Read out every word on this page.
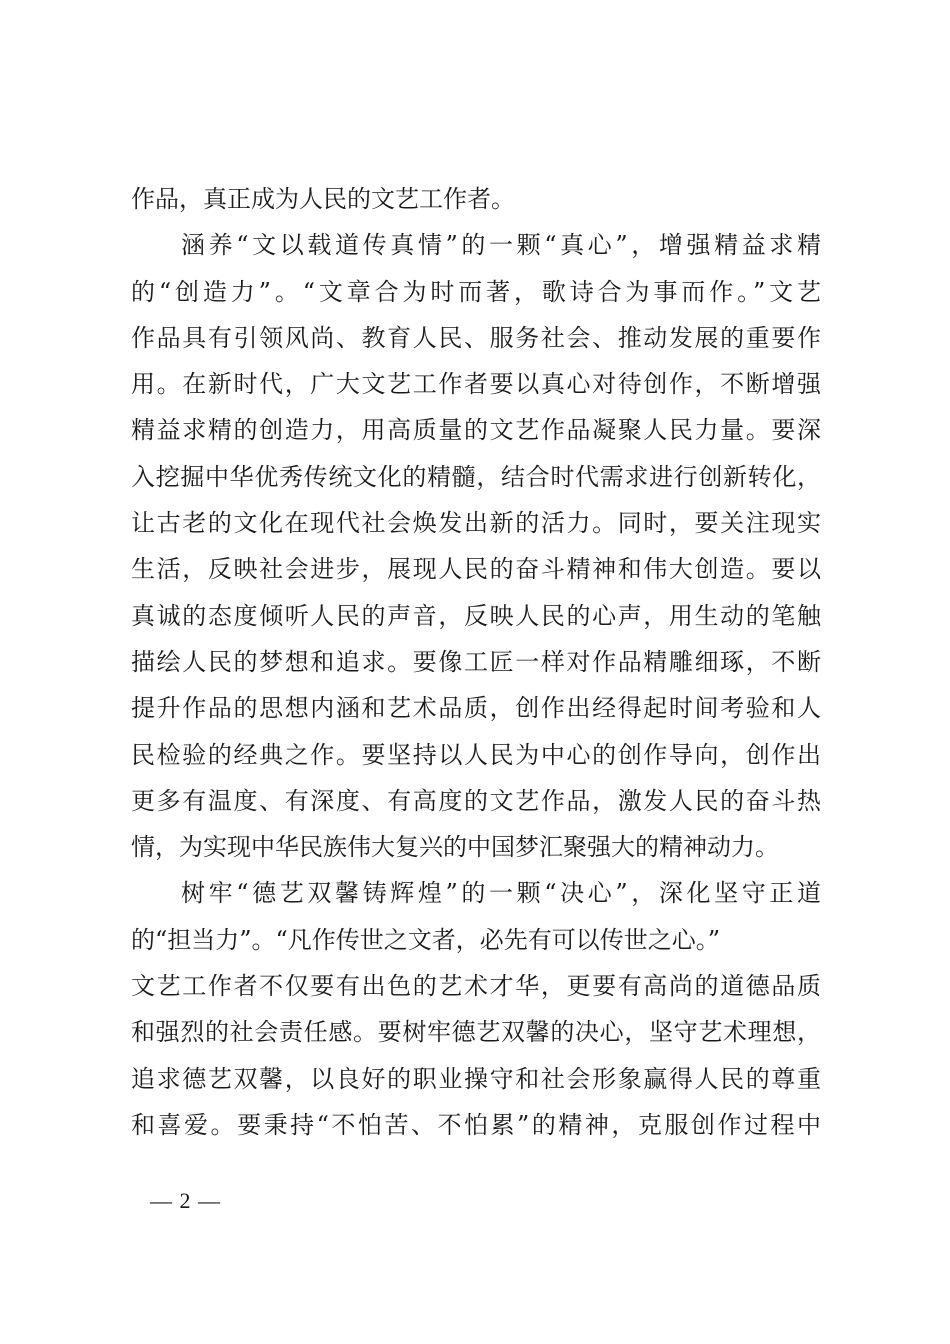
作品，真正成为人民的文艺工作者。
涵养“文以载道传真情”的一颗“真心”，增强精益求精
的“创造力”。“文章合为时而著，歌诗合为事而作。”文艺
作品具有引领风尚、教育人民、服务社会、推动发展的重要作
用。在新时代，广大文艺工作者要以真心对待创作，不断增强
精益求精的创造力，用高质量的文艺作品凝聚人民力量。要深
入挖掘中华优秀传统文化的精髓，结合时代需求进行创新转化，
让古老的文化在现代社会焕发出新的活力。同时，要关注现实
生活，反映社会进步，展现人民的奋斗精神和伟大创造。要以
真诚的态度倾听人民的声音，反映人民的心声，用生动的笔触
描绘人民的梦想和追求。要像工匠一样对作品精雕细琢，不断
提升作品的思想内涵和艺术品质，创作出经得起时间考验和人
民检验的经典之作。要坚持以人民为中心的创作导向，创作出
更多有温度、有深度、有高度的文艺作品，激发人民的奋斗热
情，为实现中华民族伟大复兴的中国梦汇聚强大的精神动力。
树牢“德艺双馨铸辉煌”的一颗“决心”，深化坚守正道
的“担当力”。“凡作传世之文者，必先有可以传世之心。”
文艺工作者不仅要有出色的艺术才华，更要有高尚的道德品质
和强烈的社会责任感。要树牢德艺双馨的决心，坚守艺术理想，
追求德艺双馨，以良好的职业操守和社会形象赢得人民的尊重
和喜爱。要秉持“不怕苦、不怕累”的精神，克服创作过程中
— 2 —
